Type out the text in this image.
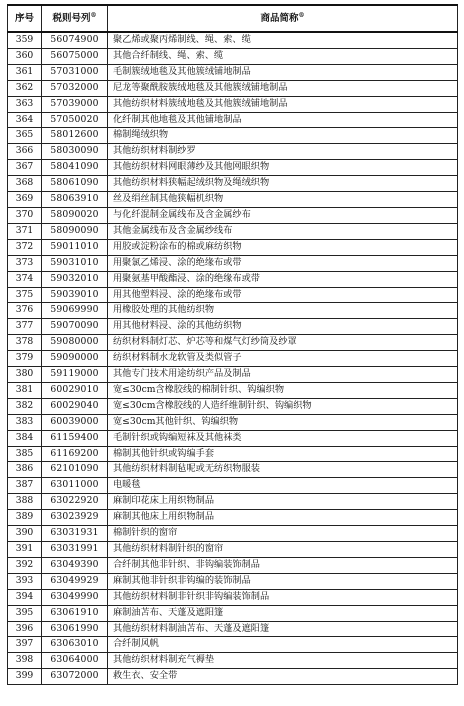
序号	税则号列®	商品简称®
359	56074900	聚乙烯或聚丙烯制线、绳、索、缆
360	56075000	其他合纤制线、绳、索、缆
361	57031000	毛制簇绒地毯及其他簇绒铺地制品
362	57032000	尼龙等聚酰胺簇绒地毯及其他簇绒铺地制品
363	57039000	其他纺织材料簇绒地毯及其他簇绒铺地制品
364	57050020	化纤制其他地毯及其他铺地制品
365	58012600	棉制绳绒织物
366	58030090	其他纺织材料制纱罗
367	58041090	其他纺织材料网眼薄纱及其他网眼织物
368	58061090	其他纺织材料狭幅起绒织物及绳绒织物
369	58063910	丝及绢丝制其他狭幅机织物
370	58090020	与化纤混制金属线布及含金属纱布
371	58090090	其他金属线布及含金属纱线布
372	59011010	用胶或淀粉涂布的棉或麻纺织物
373	59031010	用聚氯乙烯浸、涂的绝缘布或带
374	59032010	用聚氨基甲酸酯浸、涂的绝缘布或带
375	59039010	用其他塑料浸、涂的绝缘布或带
376	59069990	用橡胶处理的其他纺织物
377	59070090	用其他材料浸、涂的其他纺织物
378	59080000	纺织材料制灯芯、炉芯等和煤气灯纱筒及纱罩
379	59090000	纺织材料制水龙软管及类似管子
380	59119000	其他专门技术用途纺织产品及制品
381	60029010	宽≤30cm含橡胶线的棉制针织、钩编织物
382	60029040	宽≤30cm含橡胶线的人造纤维制针织、钩编织物
383	60039000	宽≤30cm其他针织、钩编织物
384	61159400	毛制针织或钩编短袜及其他袜类
385	61169200	棉制其他针织或钩编手套
386	62101090	其他纺织材料制毡呢或无纺织物服装
387	63011000	电暖毯
388	63022920	麻制印花床上用织物制品
389	63023929	麻制其他床上用织物制品
390	63031931	棉制针织的窗帘
391	63031991	其他纺织材料制针织的窗帘
392	63049390	合纤制其他非针织、非钩编装饰制品
393	63049929	麻制其他非针织非钩编的装饰制品
394	63049990	其他纺织材料制非针织非钩编装饰制品
395	63061910	麻制油苫布、天蓬及遮阳篷
396	63061990	其他纺织材料制油苫布、天蓬及遮阳篷
397	63063010	合纤制风帆
398	63064000	其他纺织材料制充气褥垫
399	63072000	救生衣、安全带
